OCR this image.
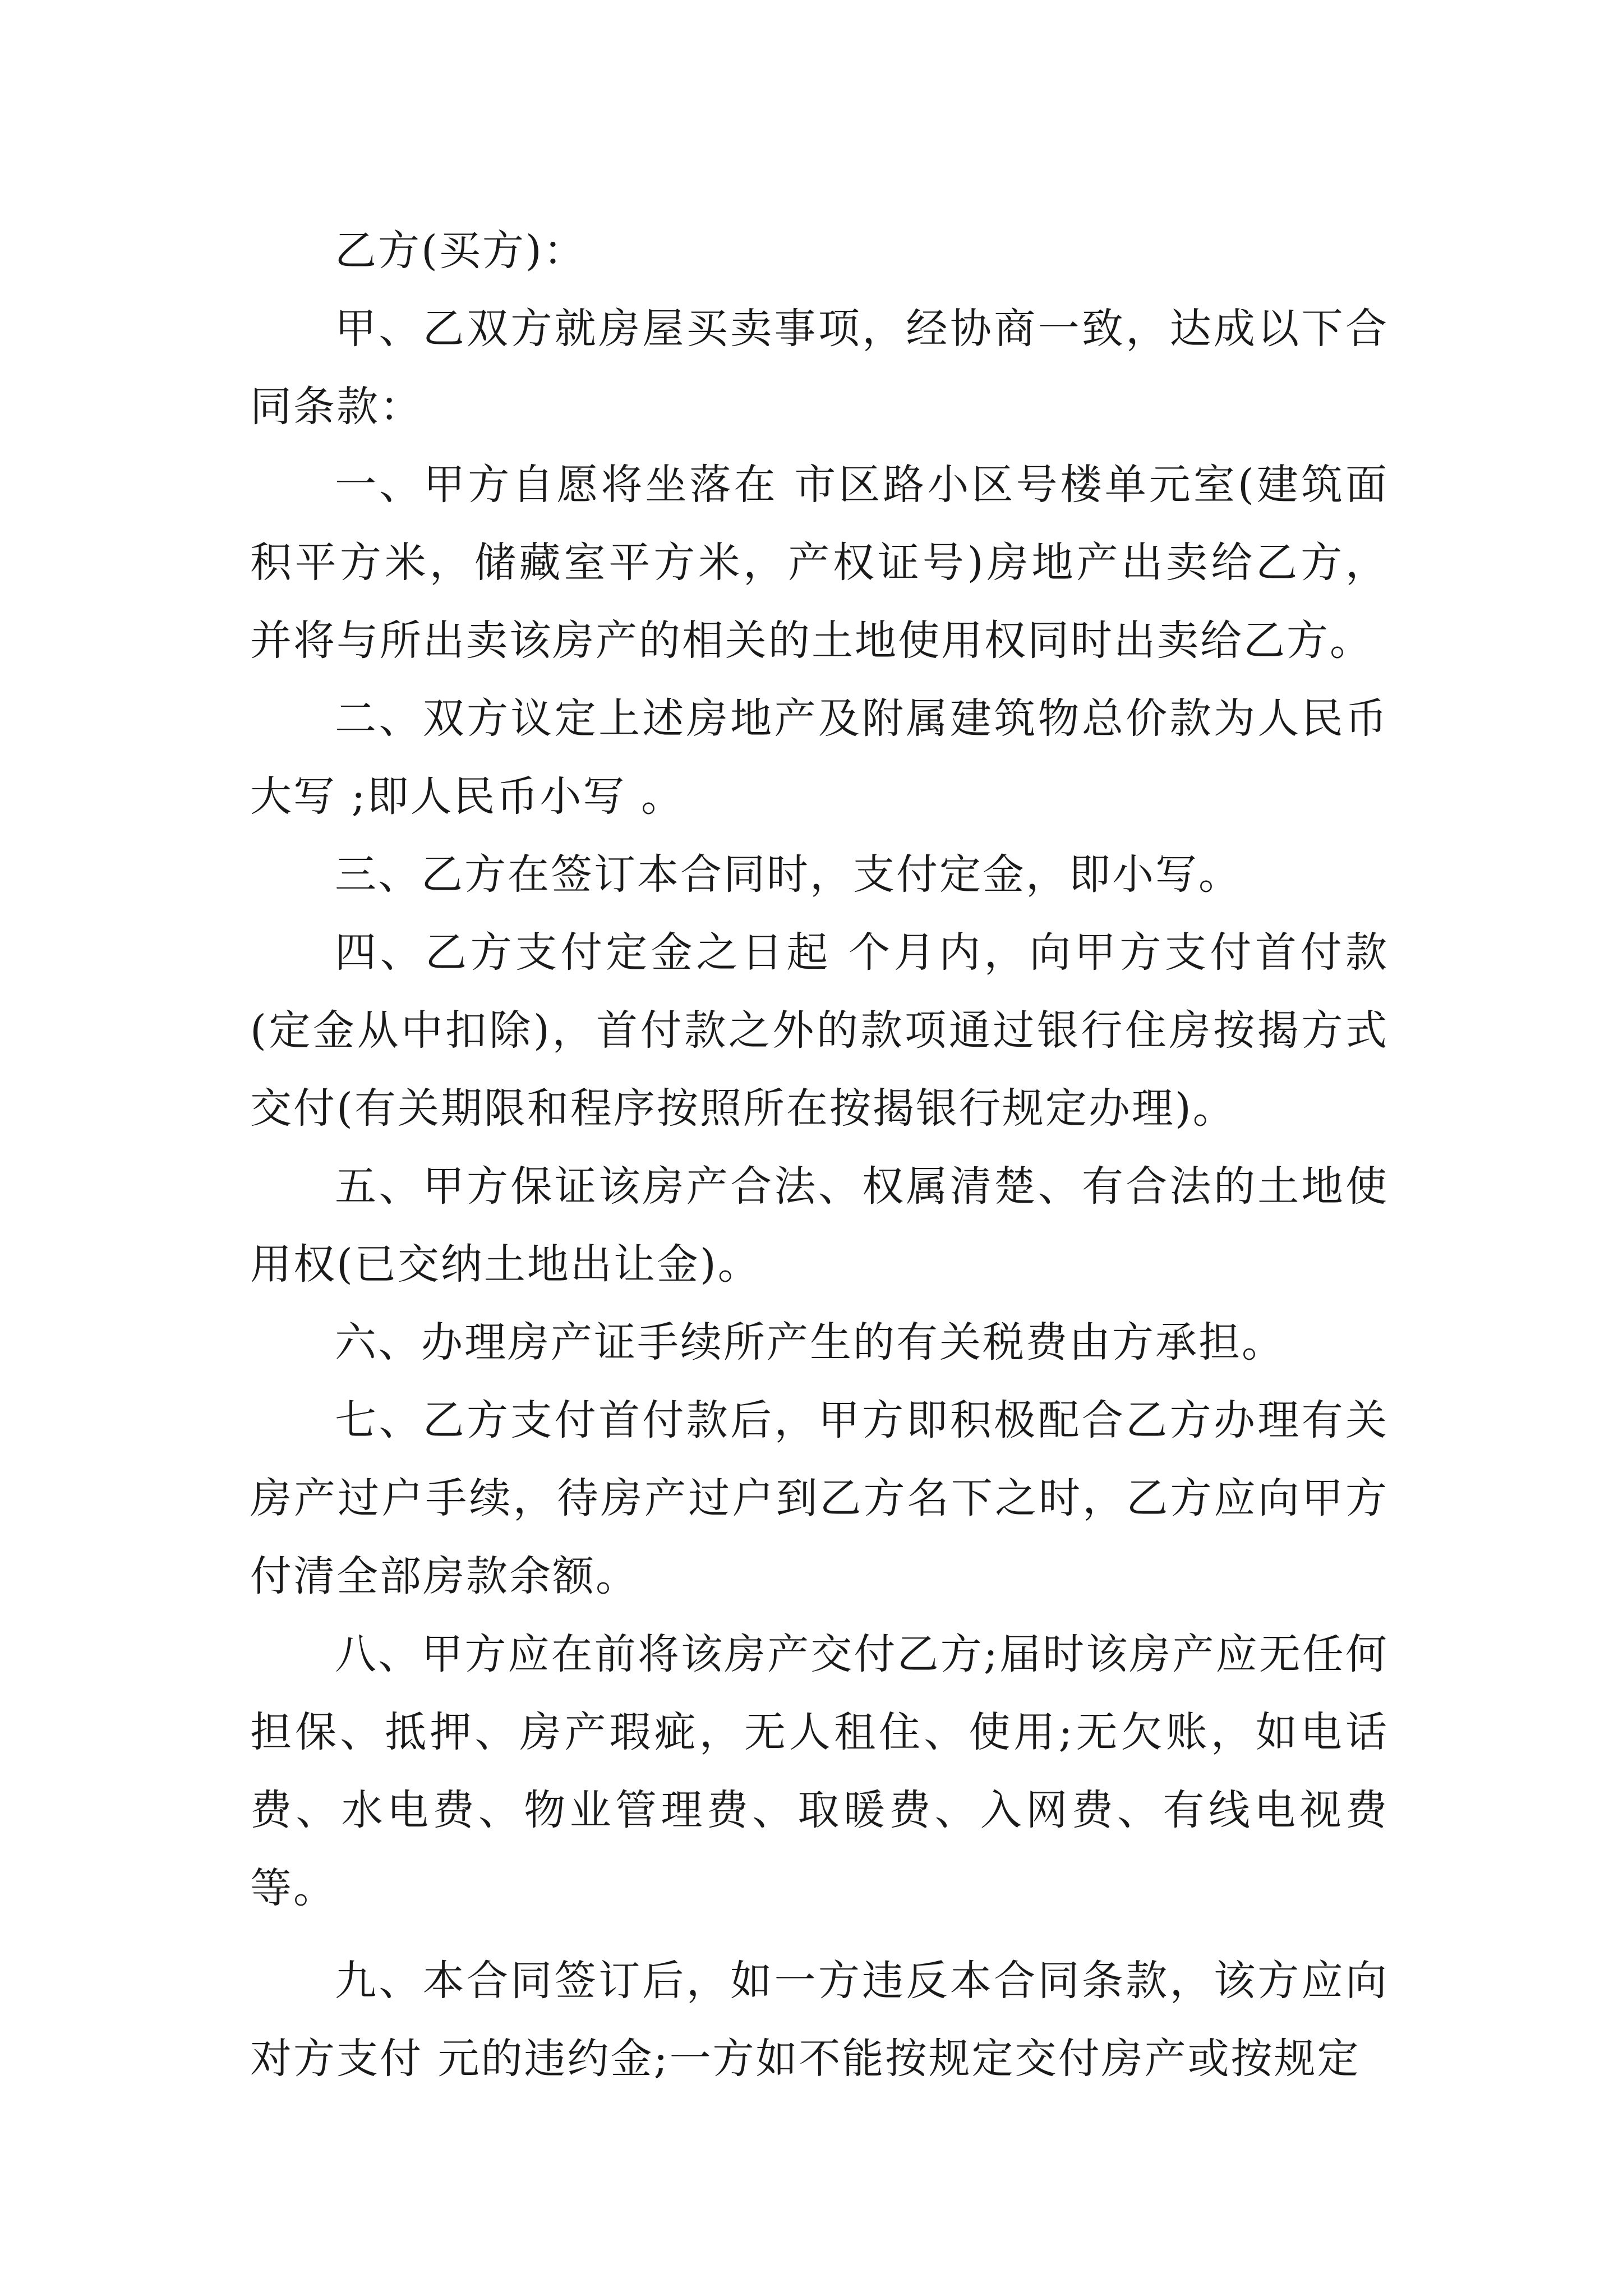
乙方(买方)：

甲、乙双方就房屋买卖事项，经协商一致，达成以下合同条款：

一、甲方自愿将坐落在 市区路小区号楼单元室(建筑面积平方米，储藏室平方米，产权证号)房地产出卖给乙方，并将与所出卖该房产的相关的土地使用权同时出卖给乙方。

二、双方议定上述房地产及附属建筑物总价款为人民币大写 ;即人民币小写 。

三、乙方在签订本合同时，支付定金，即小写。

四、乙方支付定金之日起 个月内，向甲方支付首付款(定金从中扣除)，首付款之外的款项通过银行住房按揭方式交付(有关期限和程序按照所在按揭银行规定办理)。

五、甲方保证该房产合法、权属清楚、有合法的土地使用权(已交纳土地出让金)。

六、办理房产证手续所产生的有关税费由方承担。

七、乙方支付首付款后，甲方即积极配合乙方办理有关房产过户手续，待房产过户到乙方名下之时，乙方应向甲方付清全部房款余额。

八、甲方应在前将该房产交付乙方;届时该房产应无任何担保、抵押、房产瑕疵，无人租住、使用;无欠账，如电话费、水电费、物业管理费、取暖费、入网费、有线电视费等。

九、本合同签订后，如一方违反本合同条款，该方应向对方支付 元的违约金;一方如不能按规定交付房产或按规定
